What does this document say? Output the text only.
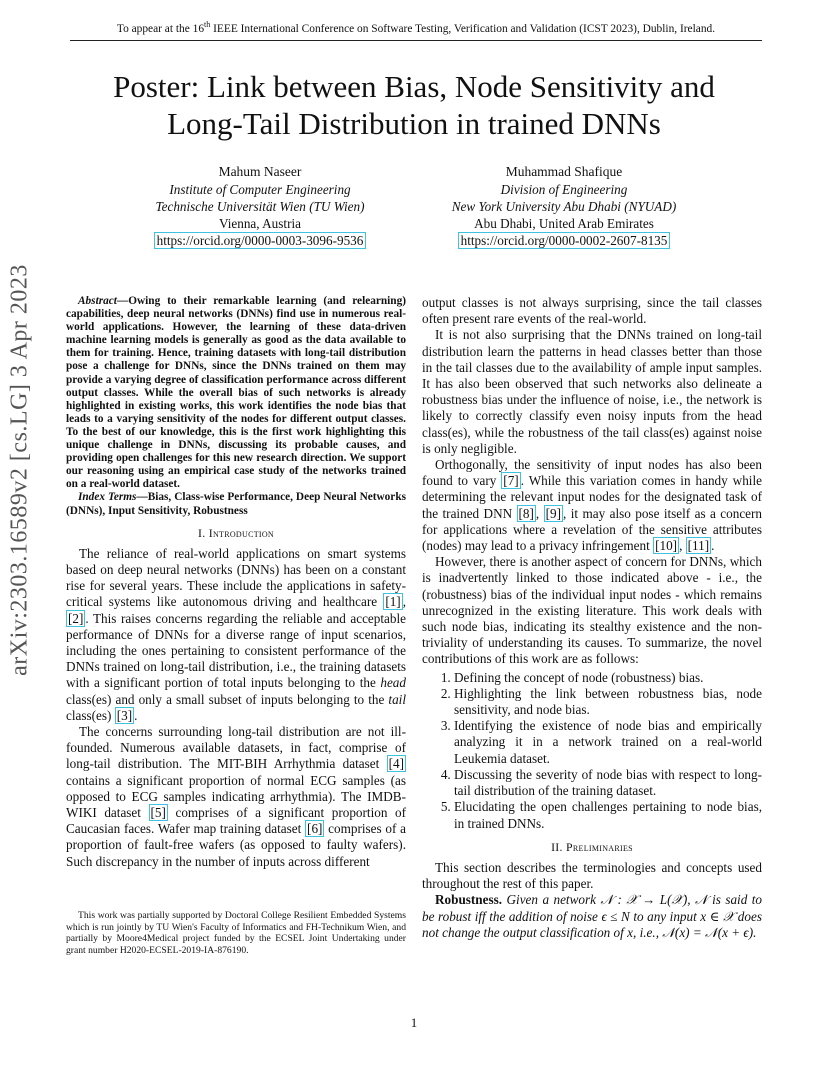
To appear at the 16th IEEE International Conference on Software Testing, Verification and Validation (ICST 2023), Dublin, Ireland.
arXiv:2303.16589v2 [cs.LG] 3 Apr 2023
Poster: Link between Bias, Node Sensitivity and
Long-Tail Distribution in trained DNNs
Mahum Naseer
Institute of Computer Engineering
Technische Universität Wien (TU Wien)
Vienna, Austria
https://orcid.org/0000-0003-3096-9536
Muhammad Shafique
Division of Engineering
New York University Abu Dhabi (NYUAD)
Abu Dhabi, United Arab Emirates
https://orcid.org/0000-0002-2607-8135

Abstract—Owing to their remarkable learning (and relearning) capabilities, deep neural networks (DNNs) find use in numerous real-world applications. However, the learning of these data-driven machine learning models is generally as good as the data available to them for training. Hence, training datasets with long-tail distribution pose a challenge for DNNs, since the DNNs trained on them may provide a varying degree of classification performance across different output classes. While the overall bias of such networks is already highlighted in existing works, this work identifies the node bias that leads to a varying sensitivity of the nodes for different output classes. To the best of our knowledge, this is the first work highlighting this unique challenge in DNNs, discussing its probable causes, and providing open challenges for this new research direction. We support our reasoning using an empirical case study of the networks trained on a real-world dataset.

Index Terms—Bias, Class-wise Performance, Deep Neural Networks (DNNs), Input Sensitivity, Robustness

I. Introduction

The reliance of real-world applications on smart systems based on deep neural networks (DNNs) has been on a constant rise for several years. These include the applications in safety-critical systems like autonomous driving and healthcare [1] , [2] . This raises concerns regarding the reliable and acceptable performance of DNNs for a diverse range of input scenarios, including the ones pertaining to consistent performance of the DNNs trained on long-tail distribution, i.e., the training datasets with a significant portion of total inputs belonging to the head class(es) and only a small subset of inputs belonging to the tail class(es) [3] .

The concerns surrounding long-tail distribution are not ill-founded. Numerous available datasets, in fact, comprise of long-tail distribution. The MIT-BIH Arrhythmia dataset [4] contains a significant proportion of normal ECG samples (as opposed to ECG samples indicating arrhythmia). The IMDB-WIKI dataset [5] comprises of a significant proportion of Caucasian faces. Wafer map training dataset [6] comprises of a proportion of fault-free wafers (as opposed to faulty wafers). Such discrepancy in the number of inputs across different

This work was partially supported by Doctoral College Resilient Embedded Systems which is run jointly by TU Wien's Faculty of Informatics and FH-Technikum Wien, and partially by Moore4Medical project funded by the ECSEL Joint Undertaking under grant number H2020-ECSEL-2019-IA-876190.

output classes is not always surprising, since the tail classes often present rare events of the real-world.

It is not also surprising that the DNNs trained on long-tail distribution learn the patterns in head classes better than those in the tail classes due to the availability of ample input samples. It has also been observed that such networks also delineate a robustness bias under the influence of noise, i.e., the network is likely to correctly classify even noisy inputs from the head class(es), while the robustness of the tail class(es) against noise is only negligible.

Orthogonally, the sensitivity of input nodes has also been found to vary [7] . While this variation comes in handy while determining the relevant input nodes for the designated task of the trained DNN [8] , [9] , it may also pose itself as a concern for applications where a revelation of the sensitive attributes (nodes) may lead to a privacy infringement [10] , [11] .

However, there is another aspect of concern for DNNs, which is inadvertently linked to those indicated above - i.e., the (robustness) bias of the individual input nodes - which remains unrecognized in the existing literature. This work deals with such node bias, indicating its stealthy existence and the non-triviality of understanding its causes. To summarize, the novel contributions of this work are as follows:

1. Defining the concept of node (robustness) bias.
2. Highlighting the link between robustness bias, node sensitivity, and node bias.
3. Identifying the existence of node bias and empirically analyzing it in a network trained on a real-world Leukemia dataset.
4. Discussing the severity of node bias with respect to long-tail distribution of the training dataset.
5. Elucidating the open challenges pertaining to node bias, in trained DNNs.
II. Preliminaries

This section describes the terminologies and concepts used throughout the rest of this paper.

Robustness. Given a network 𝒩 : 𝒳 → L(𝒳), 𝒩 is said to be robust iff the addition of noise ϵ ≤ N to any input x ∈ 𝒳 does not change the output classification of x, i.e., 𝒩(x) = 𝒩(x + ϵ).

1
